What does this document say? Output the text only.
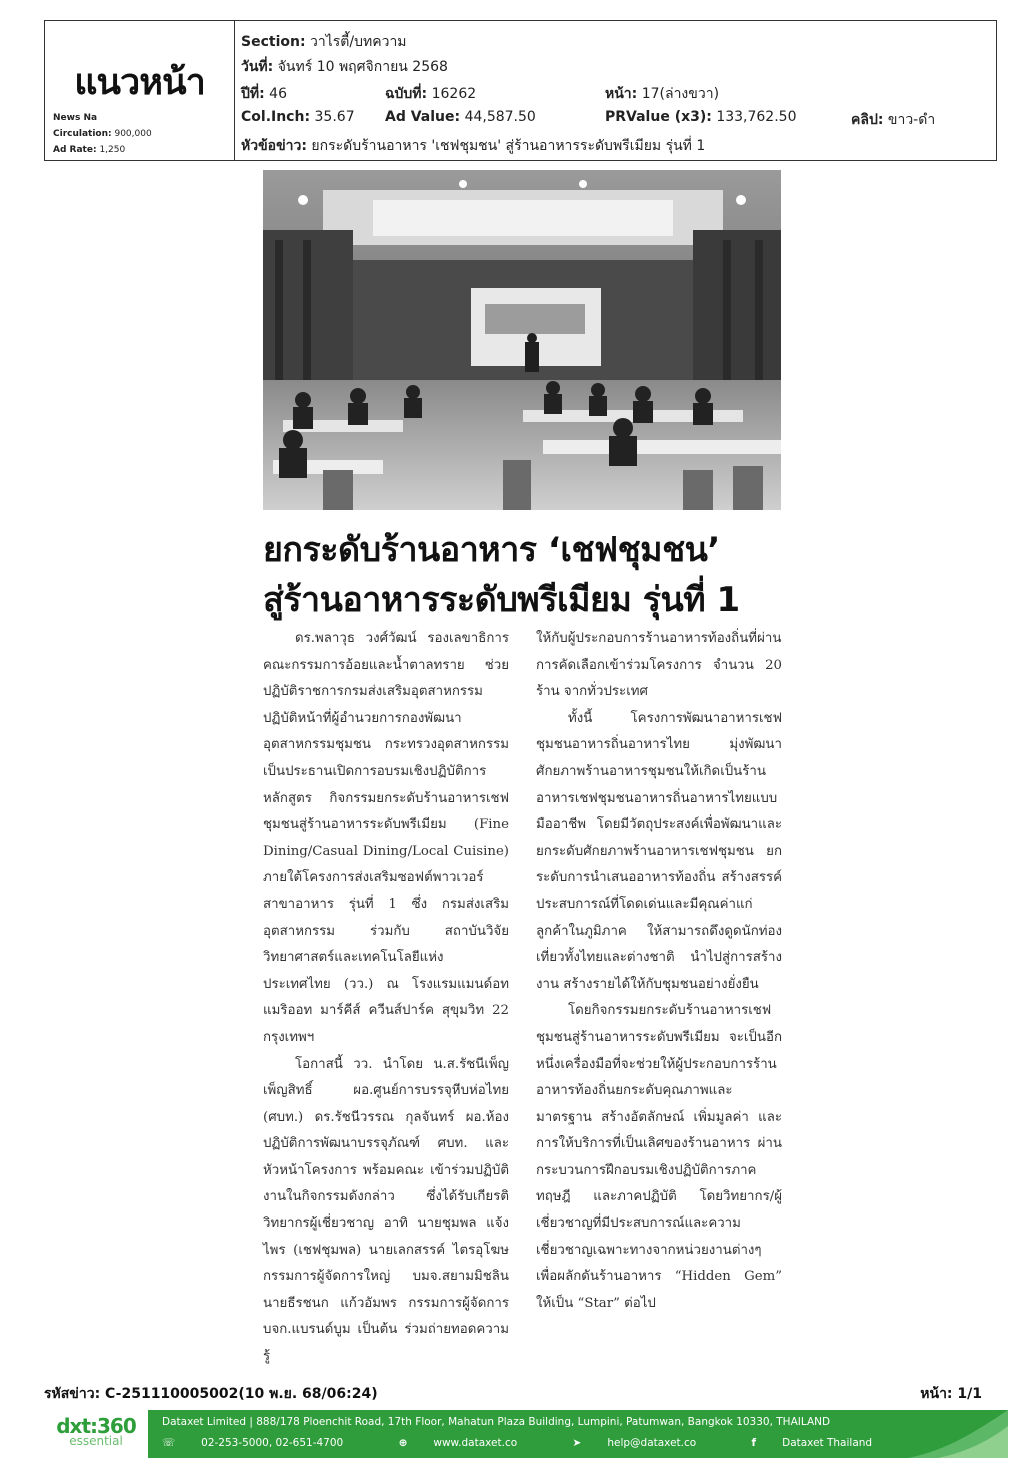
แนวหน้า
News Na
Circulation: 900,000
Ad Rate: 1,250
Section: วาไรตี้/บทความ
วันที่: จันทร์ 10 พฤศจิกายน 2568
ปีที่: 46	ฉบับที่: 16262	หน้า: 17(ล่างขวา)
Col.Inch: 35.67 Ad Value: 44,587.50	PRValue (x3): 133,762.50	คลิป: ขาว-ดำ
หัวข้อข่าว: ยกระดับร้านอาหาร 'เชฟชุมชน' สู่ร้านอาหารระดับพรีเมียม รุ่นที่ 1
ยกระดับร้านอาหาร ‘เชฟชุมชน’
สู่ร้านอาหารระดับพรีเมียม รุ่นที่ 1

ดร.พลาวุธ วงศ์วัฒน์ รองเลขาธิการคณะกรรมการอ้อยและน้ำตาลทราย ช่วยปฏิบัติราชการกรมส่งเสริมอุตสาหกรรม ปฏิบัติหน้าที่ผู้อำนวยการกองพัฒนาอุตสาหกรรมชุมชน กระทรวงอุตสาหกรรม เป็นประธานเปิดการอบรมเชิงปฏิบัติการหลักสูตร กิจกรรมยกระดับร้านอาหารเชฟชุมชนสู่ร้านอาหารระดับพรีเมียม (Fine Dining/Casual Dining/Local Cuisine) ภายใต้โครงการส่งเสริมซอฟต์พาวเวอร์สาขาอาหาร รุ่นที่ 1 ซึ่ง กรมส่งเสริมอุตสาหกรรม ร่วมกับ สถาบันวิจัยวิทยาศาสตร์และเทคโนโลยีแห่งประเทศไทย (วว.) ณ โรงแรมแมนด์อท แมริออท มาร์คีส์ ควีนส์ปาร์ค สุขุมวิท 22 กรุงเทพฯ

โอกาสนี้ วว. นำโดย น.ส.รัชนีเพ็ญ เพ็ญสิทธิ์ ผอ.ศูนย์การบรรจุหีบห่อไทย (ศบท.) ดร.รัชนีวรรณ กุลจันทร์ ผอ.ห้องปฏิบัติการพัฒนาบรรจุภัณฑ์ ศบท. และหัวหน้าโครงการ พร้อมคณะ เข้าร่วมปฏิบัติงานในกิจกรรมดังกล่าว ซึ่งได้รับเกียรติวิทยากรผู้เชี่ยวชาญ อาทิ นายชุมพล แจ้งไพร (เชฟชุมพล) นายเลกสรรค์ ไตรอุโฆษ กรรมการผู้จัดการใหญ่ บมจ.สยามมิชลิน นายธีรชนก แก้วอัมพร กรรมการผู้จัดการ บจก.แบรนด์บูม เป็นต้น ร่วมถ่ายทอดความรู้

ให้กับผู้ประกอบการร้านอาหารท้องถิ่นที่ผ่านการคัดเลือกเข้าร่วมโครงการ จำนวน 20 ร้าน จากทั่วประเทศ

ทั้งนี้ โครงการพัฒนาอาหารเชฟชุมชนอาหารถิ่นอาหารไทย มุ่งพัฒนาศักยภาพร้านอาหารชุมชนให้เกิดเป็นร้านอาหารเชฟชุมชนอาหารถิ่นอาหารไทยแบบมืออาชีพ โดยมีวัตถุประสงค์เพื่อพัฒนาและยกระดับศักยภาพร้านอาหารเชฟชุมชน ยกระดับการนำเสนออาหารท้องถิ่น สร้างสรรค์ประสบการณ์ที่โดดเด่นและมีคุณค่าแก่ลูกค้าในภูมิภาค ให้สามารถดึงดูดนักท่องเที่ยวทั้งไทยและต่างชาติ นำไปสู่การสร้างงาน สร้างรายได้ให้กับชุมชนอย่างยั่งยืน

โดยกิจกรรมยกระดับร้านอาหารเชฟชุมชนสู่ร้านอาหารระดับพรีเมียม จะเป็นอีกหนึ่งเครื่องมือที่จะช่วยให้ผู้ประกอบการร้านอาหารท้องถิ่นยกระดับคุณภาพและมาตรฐาน สร้างอัตลักษณ์ เพิ่มมูลค่า และการให้บริการที่เป็นเลิศของร้านอาหาร ผ่านกระบวนการฝึกอบรมเชิงปฏิบัติการภาคทฤษฎี และภาคปฏิบัติ โดยวิทยากร/ผู้เชี่ยวชาญที่มีประสบการณ์และความเชี่ยวชาญเฉพาะทางจากหน่วยงานต่างๆ เพื่อผลักดันร้านอาหาร “Hidden Gem” ให้เป็น “Star” ต่อไป

รหัสข่าว: C-251110005002(10 พ.ย. 68/06:24)	หน้า: 1/1
dxt:360
essential
Dataxet Limited | 888/178 Ploenchit Road, 17th Floor, Mahatun Plaza Building, Lumpini, Patumwan, Bangkok 10330, THAILAND
☏ 02-253-5000, 02-651-4700	⊕ www.dataxet.co	➤ help@dataxet.co	f Dataxet Thailand
